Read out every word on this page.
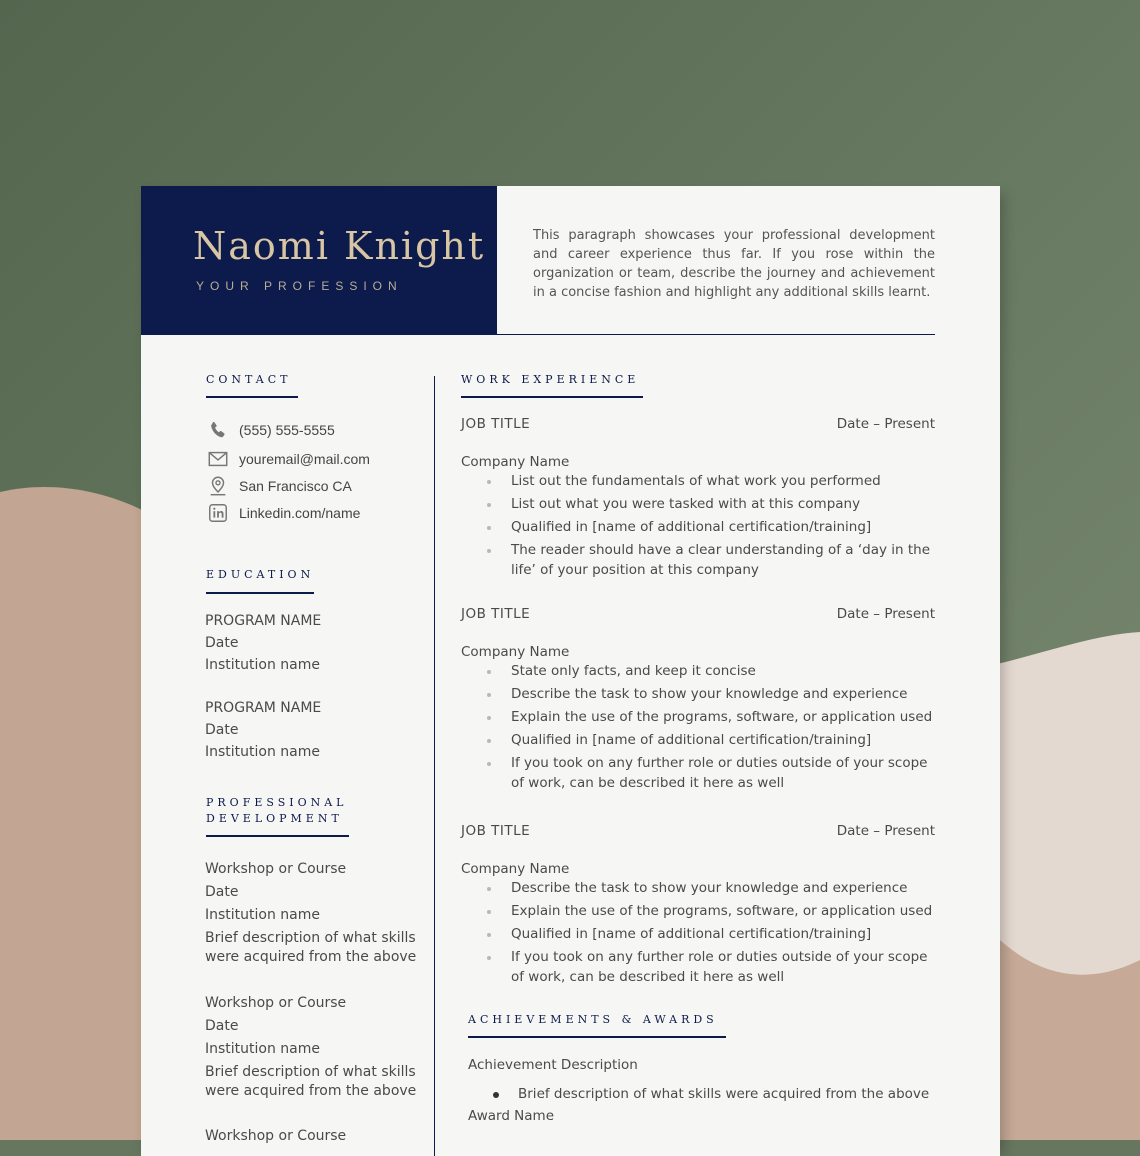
Naomi Knight
YOUR PROFESSION
This paragraph showcases your professional development and career experience thus far. If you rose within the organization or team, describe the journey and achievement in a concise fashion and highlight any additional skills learnt.
CONTACT
(555) 555-5555
youremail@mail.com
San Francisco CA
Linkedin.com/name
EDUCATION
PROGRAM NAME
Date
Institution name
PROGRAM NAME
Date
Institution name
PROFESSIONAL
DEVELOPMENT
Workshop or Course
Date
Institution name
Brief description of what skills
were acquired from the above
Workshop or Course
Date
Institution name
Brief description of what skills
were acquired from the above
Workshop or Course
WORK EXPERIENCE
JOB TITLE	Date – Present
Company Name
List out the fundamentals of what work you performed
List out what you were tasked with at this company
Qualified in [name of additional certification/training]
The reader should have a clear understanding of a ‘day in the life’ of your position at this company
JOB TITLE	Date – Present
Company Name
State only facts, and keep it concise
Describe the task to show your knowledge and experience
Explain the use of the programs, software, or application used
Qualified in [name of additional certification/training]
If you took on any further role or duties outside of your scope of work, can be described it here as well
JOB TITLE	Date – Present
Company Name
Describe the task to show your knowledge and experience
Explain the use of the programs, software, or application used
Qualified in [name of additional certification/training]
If you took on any further role or duties outside of your scope of work, can be described it here as well
ACHIEVEMENTS & AWARDS
Achievement Description
Brief description of what skills were acquired from the above
Award Name
